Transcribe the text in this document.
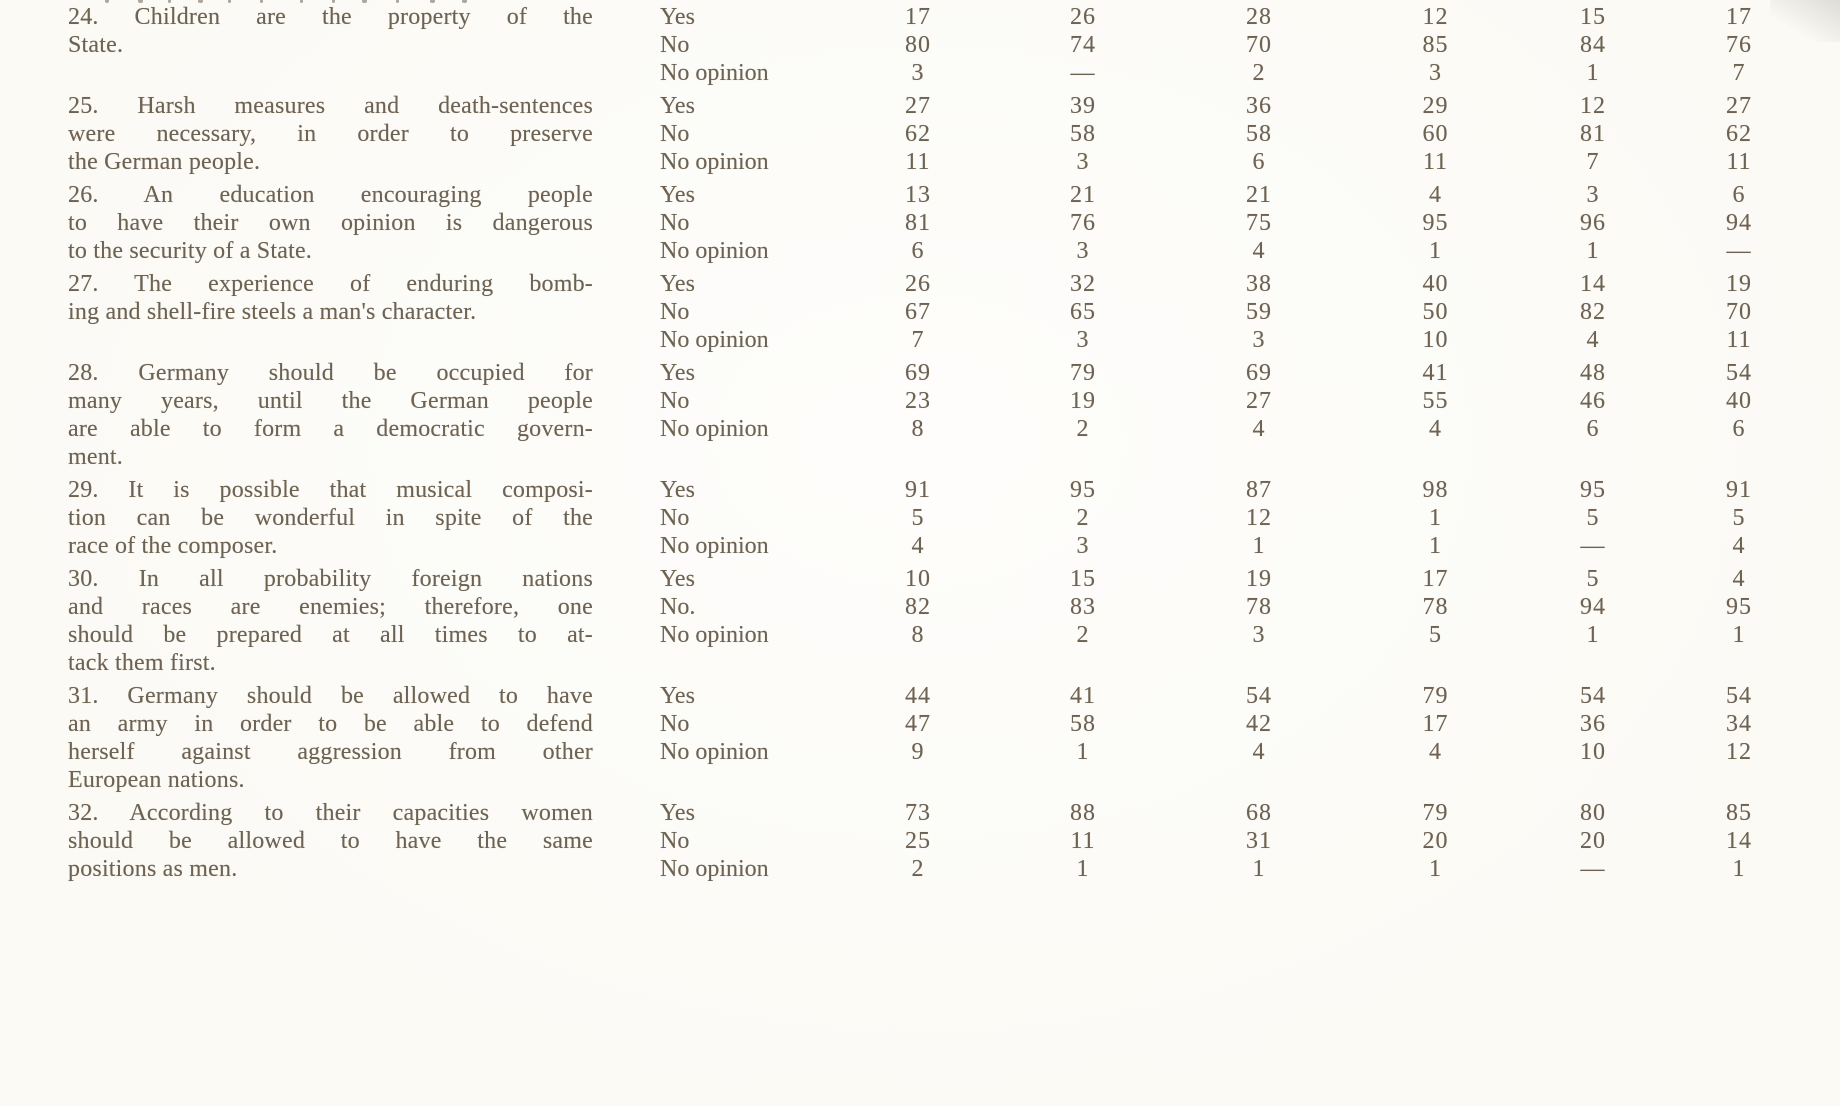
24. Children are the property of the
State.
Yes	17	26	28	12	15	17
No	80	74	70	85	84	76
No opinion	3	—	2	3	1	7
25. Harsh measures and death-sentences
were necessary, in order to preserve
the German people.
Yes	27	39	36	29	12	27
No	62	58	58	60	81	62
No opinion	11	3	6	11	7	11
26. An education encouraging people
to have their own opinion is dangerous
to the security of a State.
Yes	13	21	21	4	3	6
No	81	76	75	95	96	94
No opinion	6	3	4	1	1	—
27. The experience of enduring bomb-
ing and shell-fire steels a man's character.
Yes	26	32	38	40	14	19
No	67	65	59	50	82	70
No opinion	7	3	3	10	4	11
28. Germany should be occupied for
many years, until the German people
are able to form a democratic govern-
ment.
Yes	69	79	69	41	48	54
No	23	19	27	55	46	40
No opinion	8	2	4	4	6	6
29. It is possible that musical composi-
tion can be wonderful in spite of the
race of the composer.
Yes	91	95	87	98	95	91
No	5	2	12	1	5	5
No opinion	4	3	1	1	—	4
30. In all probability foreign nations
and races are enemies; therefore, one
should be prepared at all times to at-
tack them first.
Yes	10	15	19	17	5	4
No.	82	83	78	78	94	95
No opinion	8	2	3	5	1	1
31. Germany should be allowed to have
an army in order to be able to defend
herself against aggression from other
European nations.
Yes	44	41	54	79	54	54
No	47	58	42	17	36	34
No opinion	9	1	4	4	10	12
32. According to their capacities women
should be allowed to have the same
positions as men.
Yes	73	88	68	79	80	85
No	25	11	31	20	20	14
No opinion	2	1	1	1	—	1
